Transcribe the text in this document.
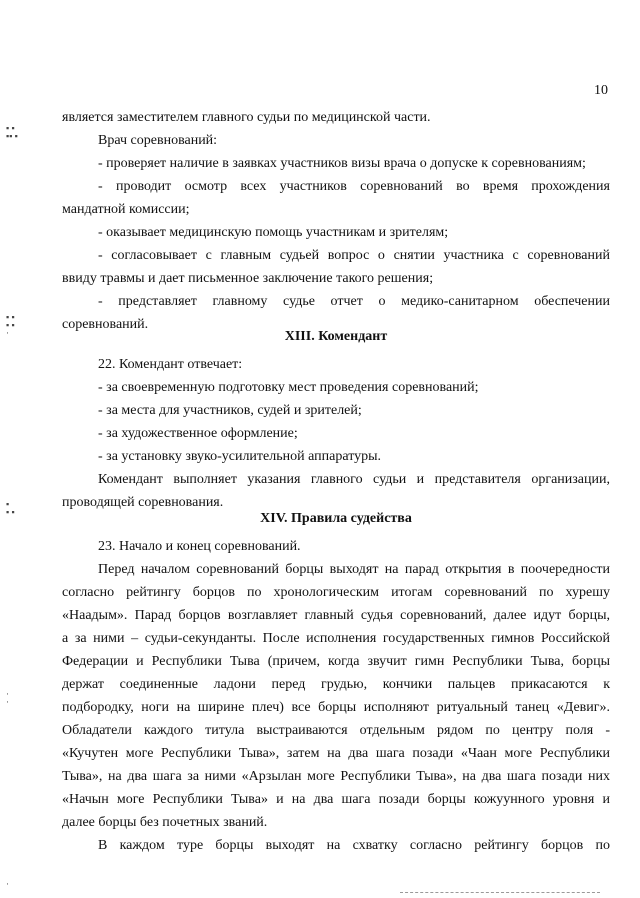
10
▪ ▪
▪▪ ▪
▪ ▪
▪ ▪
·
▪
▪ ▪
·
·
·
является заместителем главного судьи по медицинской части.
Врач соревнований:
- проверяет наличие в заявках участников визы врача о допуске к соревнованиям;
- проводит осмотр всех участников соревнований во время прохождения
мандатной комиссии;
- оказывает медицинскую помощь участникам и зрителям;
- согласовывает с главным судьей вопрос о снятии участника с соревнований
ввиду травмы и дает письменное заключение такого решения;
- представляет главному судье отчет о медико-санитарном обеспечении
соревнований.
XIII. Комендант
22. Комендант отвечает:
- за своевременную подготовку мест проведения соревнований;
- за места для участников, судей и зрителей;
- за художественное оформление;
- за установку звуко-усилительной аппаратуры.
Комендант выполняет указания главного судьи и представителя организации,
проводящей соревнования.
XIV. Правила судейства
23. Начало и конец соревнований.
Перед началом соревнований борцы выходят на парад открытия в поочередности
согласно рейтингу борцов по хронологическим итогам соревнований по хурешу
«Наадым». Парад борцов возглавляет главный судья соревнований, далее идут борцы,
а за ними – судьи-секунданты. После исполнения государственных гимнов Российской
Федерации и Республики Тыва (причем, когда звучит гимн Республики Тыва, борцы
держат соединенные ладони перед грудью, кончики пальцев прикасаются к
подбородку, ноги на ширине плеч) все борцы исполняют ритуальный танец «Девиг».
Обладатели каждого титула выстраиваются отдельным рядом по центру поля -
«Кучутен моге Республики Тыва», затем на два шага позади «Чаан моге Республики
Тыва», на два шага за ними «Арзылан моге Республики Тыва», на два шага позади них
«Начын моге Республики Тыва» и на два шага позади борцы кожуунного уровня и
далее борцы без почетных званий.
В каждом туре борцы выходят на схватку согласно рейтингу борцов по
